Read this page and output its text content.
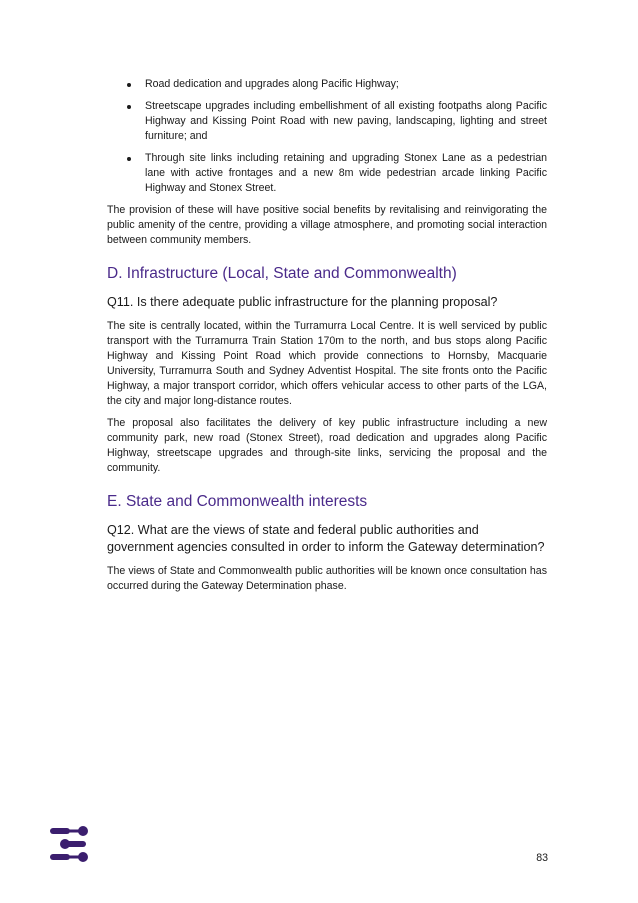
Road dedication and upgrades along Pacific Highway;
Streetscape upgrades including embellishment of all existing footpaths along Pacific Highway and Kissing Point Road with new paving, landscaping, lighting and street furniture; and
Through site links including retaining and upgrading Stonex Lane as a pedestrian lane with active frontages and a new 8m wide pedestrian arcade linking Pacific Highway and Stonex Street.

The provision of these will have positive social benefits by revitalising and reinvigorating the public amenity of the centre, providing a village atmosphere, and promoting social interaction between community members.

D. Infrastructure (Local, State and Commonwealth)
Q11. Is there adequate public infrastructure for the planning proposal?

The site is centrally located, within the Turramurra Local Centre. It is well serviced by public transport with the Turramurra Train Station 170m to the north, and bus stops along Pacific Highway and Kissing Point Road which provide connections to Hornsby, Macquarie University, Turramurra South and Sydney Adventist Hospital. The site fronts onto the Pacific Highway, a major transport corridor, which offers vehicular access to other parts of the LGA, the city and major long-distance routes.

The proposal also facilitates the delivery of key public infrastructure including a new community park, new road (Stonex Street), road dedication and upgrades along Pacific Highway, streetscape upgrades and through-site links, servicing the proposal and the community.

E. State and Commonwealth interests
Q12. What are the views of state and federal public authorities and government agencies consulted in order to inform the Gateway determination?

The views of State and Commonwealth public authorities will be known once consultation has occurred during the Gateway Determination phase.

83
